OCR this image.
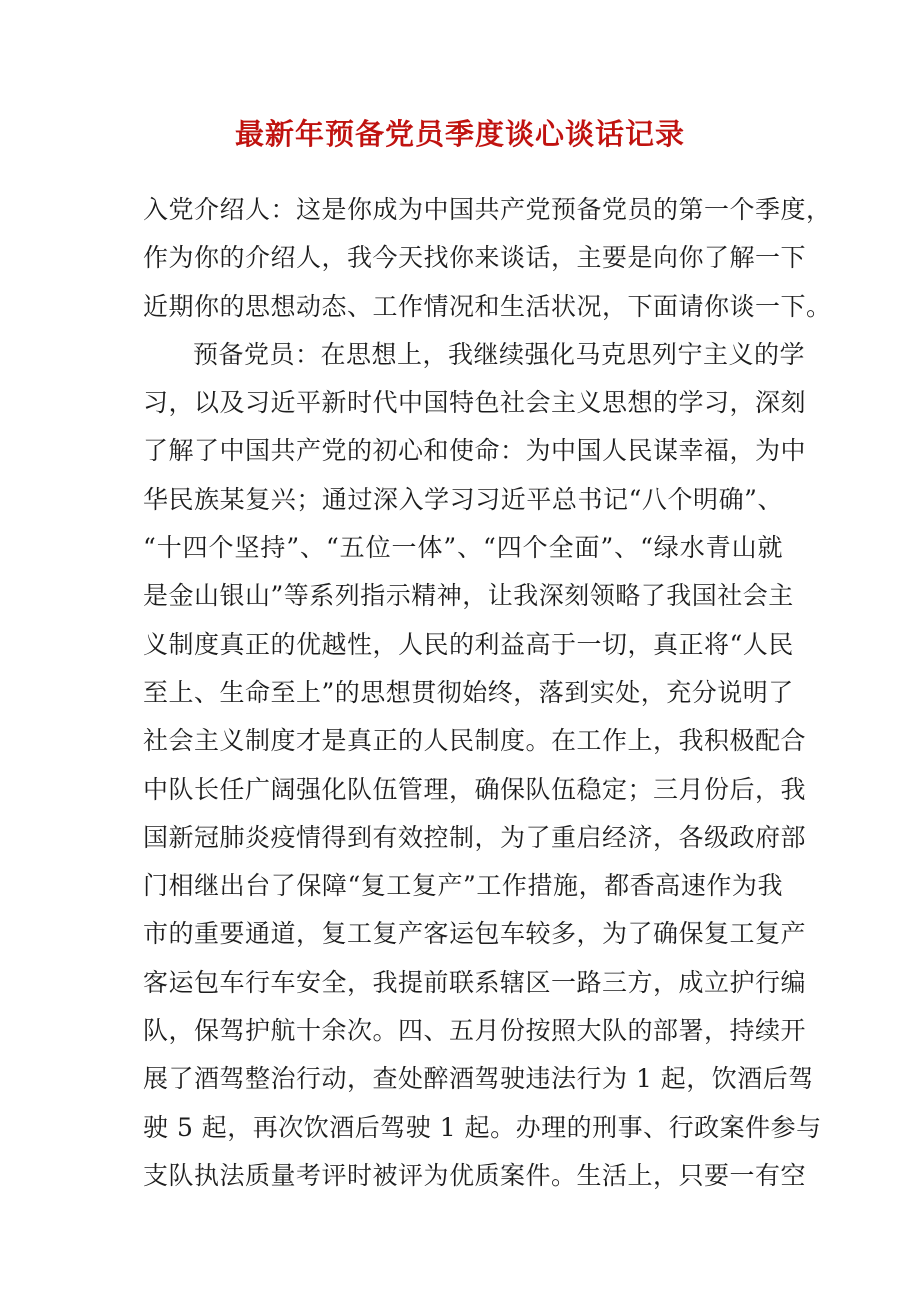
最新年预备党员季度谈心谈话记录
入党介绍人：这是你成为中国共产党预备党员的第一个季度，
作为你的介绍人，我今天找你来谈话，主要是向你了解一下
近期你的思想动态、工作情况和生活状况，下面请你谈一下。
预备党员：在思想上，我继续强化马克思列宁主义的学
习，以及习近平新时代中国特色社会主义思想的学习，深刻
了解了中国共产党的初心和使命：为中国人民谋幸福，为中
华民族某复兴；通过深入学习习近平总书记“八个明确”、
“十四个坚持”、“五位一体”、“四个全面”、“绿水青山就
是金山银山”等系列指示精神，让我深刻领略了我国社会主
义制度真正的优越性，人民的利益高于一切，真正将“人民
至上、生命至上”的思想贯彻始终，落到实处，充分说明了
社会主义制度才是真正的人民制度。在工作上，我积极配合
中队长任广阔强化队伍管理，确保队伍稳定；三月份后，我
国新冠肺炎疫情得到有效控制，为了重启经济，各级政府部
门相继出台了保障“复工复产”工作措施，都香高速作为我
市的重要通道，复工复产客运包车较多，为了确保复工复产
客运包车行车安全，我提前联系辖区一路三方，成立护行编
队，保驾护航十余次。四、五月份按照大队的部署，持续开
展了酒驾整治行动，查处醉酒驾驶违法行为 1 起，饮酒后驾
驶 5 起，再次饮酒后驾驶 1 起。办理的刑事、行政案件参与
支队执法质量考评时被评为优质案件。生活上，只要一有空
